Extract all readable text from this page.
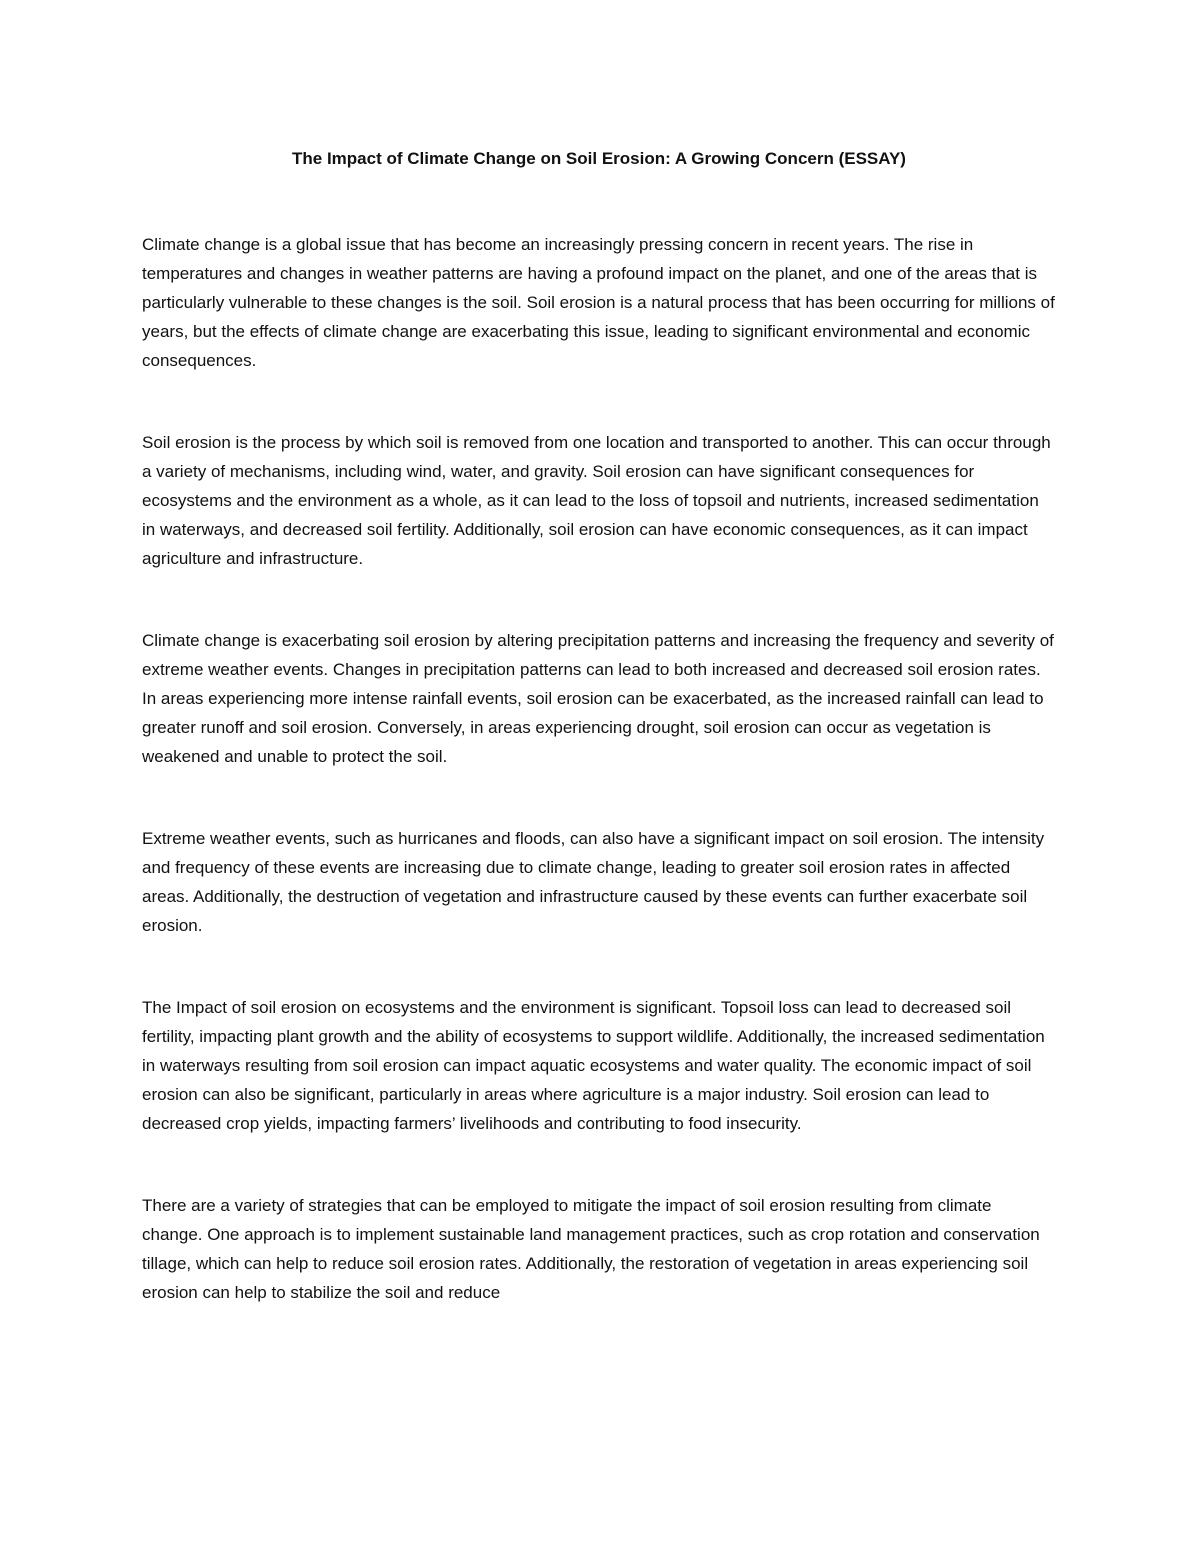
The Impact of Climate Change on Soil Erosion: A Growing Concern (ESSAY)

Climate change is a global issue that has become an increasingly pressing concern in recent years. The rise in temperatures and changes in weather patterns are having a profound impact on the planet, and one of the areas that is particularly vulnerable to these changes is the soil. Soil erosion is a natural process that has been occurring for millions of years, but the effects of climate change are exacerbating this issue, leading to significant environmental and economic consequences.

Soil erosion is the process by which soil is removed from one location and transported to another. This can occur through a variety of mechanisms, including wind, water, and gravity. Soil erosion can have significant consequences for ecosystems and the environment as a whole, as it can lead to the loss of topsoil and nutrients, increased sedimentation in waterways, and decreased soil fertility. Additionally, soil erosion can have economic consequences, as it can impact agriculture and infrastructure.

Climate change is exacerbating soil erosion by altering precipitation patterns and increasing the frequency and severity of extreme weather events. Changes in precipitation patterns can lead to both increased and decreased soil erosion rates. In areas experiencing more intense rainfall events, soil erosion can be exacerbated, as the increased rainfall can lead to greater runoff and soil erosion. Conversely, in areas experiencing drought, soil erosion can occur as vegetation is weakened and unable to protect the soil.

Extreme weather events, such as hurricanes and floods, can also have a significant impact on soil erosion. The intensity and frequency of these events are increasing due to climate change, leading to greater soil erosion rates in affected areas. Additionally, the destruction of vegetation and infrastructure caused by these events can further exacerbate soil erosion.

The Impact of soil erosion on ecosystems and the environment is significant. Topsoil loss can lead to decreased soil fertility, impacting plant growth and the ability of ecosystems to support wildlife. Additionally, the increased sedimentation in waterways resulting from soil erosion can impact aquatic ecosystems and water quality. The economic impact of soil erosion can also be significant, particularly in areas where agriculture is a major industry. Soil erosion can lead to decreased crop yields, impacting farmers’ livelihoods and contributing to food insecurity.

There are a variety of strategies that can be employed to mitigate the impact of soil erosion resulting from climate change. One approach is to implement sustainable land management practices, such as crop rotation and conservation tillage, which can help to reduce soil erosion rates. Additionally, the restoration of vegetation in areas experiencing soil erosion can help to stabilize the soil and reduce
